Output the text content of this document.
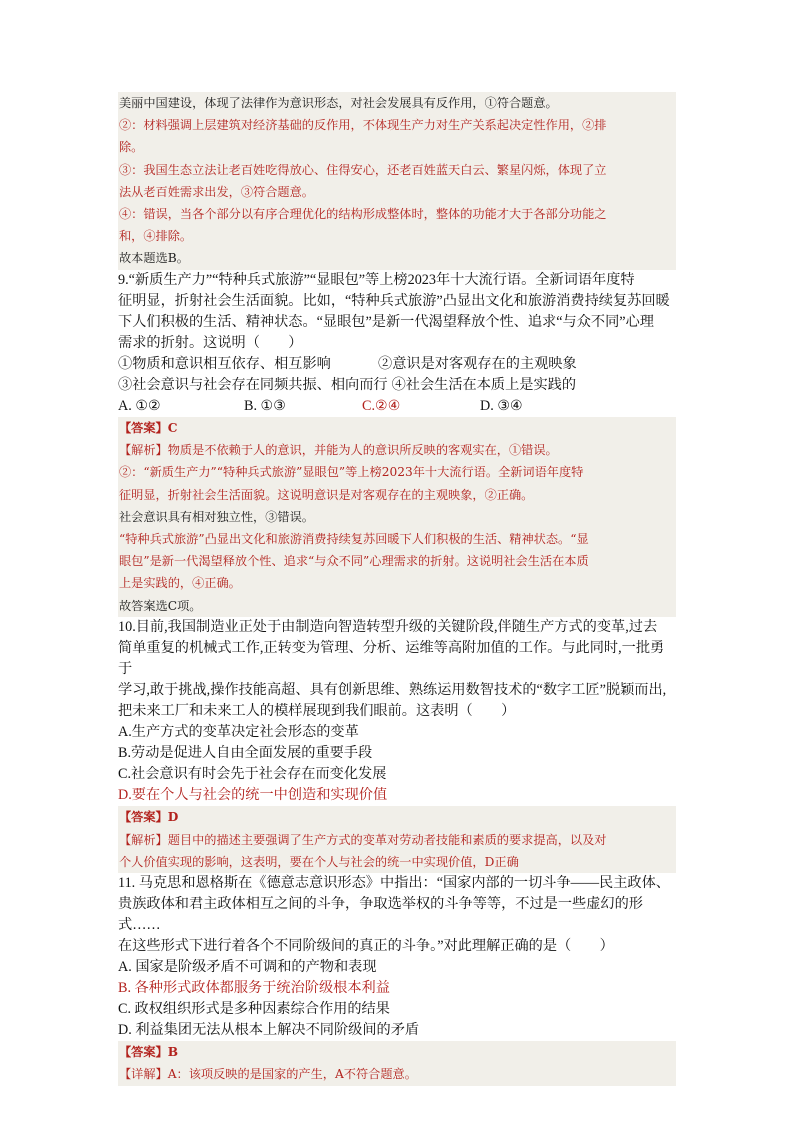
美丽中国建设，体现了法律作为意识形态，对社会发展具有反作用，①符合题意。
②：材料强调上层建筑对经济基础的反作用，不体现生产力对生产关系起决定性作用，②排
除。
③：我国生态立法让老百姓吃得放心、住得安心，还老百姓蓝天白云、繁星闪烁，体现了立
法从老百姓需求出发，③符合题意。
④：错误，当各个部分以有序合理优化的结构形成整体时，整体的功能才大于各部分功能之
和，④排除。
故本题选B。
9.“新质生产力”“特种兵式旅游”“显眼包”等上榜2023年十大流行语。全新词语年度特
征明显，折射社会生活面貌。比如，“特种兵式旅游”凸显出文化和旅游消费持续复苏回暖
下人们积极的生活、精神状态。“显眼包”是新一代渴望释放个性、追求“与众不同”心理
需求的折射。这说明（　　）
①物质和意识相互依存、相互影响	②意识是对客观存在的主观映象
③社会意识与社会存在同频共振、相向而行 ④社会生活在本质上是实践的
A. ①②	B. ①③	C.②④	D. ③④
【答案】C
【解析】物质是不依赖于人的意识，并能为人的意识所反映的客观实在，①错误。
②：“新质生产力”“特种兵式旅游”显眼包”等上榜2023年十大流行语。全新词语年度特
征明显，折射社会生活面貌。这说明意识是对客观存在的主观映象，②正确。
社会意识具有相对独立性，③错误。
“特种兵式旅游”凸显出文化和旅游消费持续复苏回暖下人们积极的生活、精神状态。“显
眼包”是新一代渴望释放个性、追求“与众不同”心理需求的折射。这说明社会生活在本质
上是实践的，④正确。
故答案选C项。
10.目前,我国制造业正处于由制造向智造转型升级的关键阶段,伴随生产方式的变革,过去
简单重复的机械式工作,正转变为管理、分析、运维等高附加值的工作。与此同时,一批勇于
学习,敢于挑战,操作技能高超、具有创新思维、熟练运用数智技术的“数字工匠”脱颖而出,
把未来工厂和未来工人的模样展现到我们眼前。这表明（　　）
A.生产方式的变革决定社会形态的变革
B.劳动是促进人自由全面发展的重要手段
C.社会意识有时会先于社会存在而变化发展
D.要在个人与社会的统一中创造和实现价值
【答案】D
【解析】题目中的描述主要强调了生产方式的变革对劳动者技能和素质的要求提高，以及对
个人价值实现的影响，这表明，要在个人与社会的统一中实现价值，D正确
11. 马克思和恩格斯在《德意志意识形态》中指出：“国家内部的一切斗争——民主政体、
贵族政体和君主政体相互之间的斗争，争取选举权的斗争等等，不过是一些虚幻的形式……
在这些形式下进行着各个不同阶级间的真正的斗争。”对此理解正确的是（　　）
A. 国家是阶级矛盾不可调和的产物和表现
B. 各种形式政体都服务于统治阶级根本利益
C. 政权组织形式是多种因素综合作用的结果
D. 利益集团无法从根本上解决不同阶级间的矛盾
【答案】B
【详解】A：该项反映的是国家的产生，A不符合题意。
